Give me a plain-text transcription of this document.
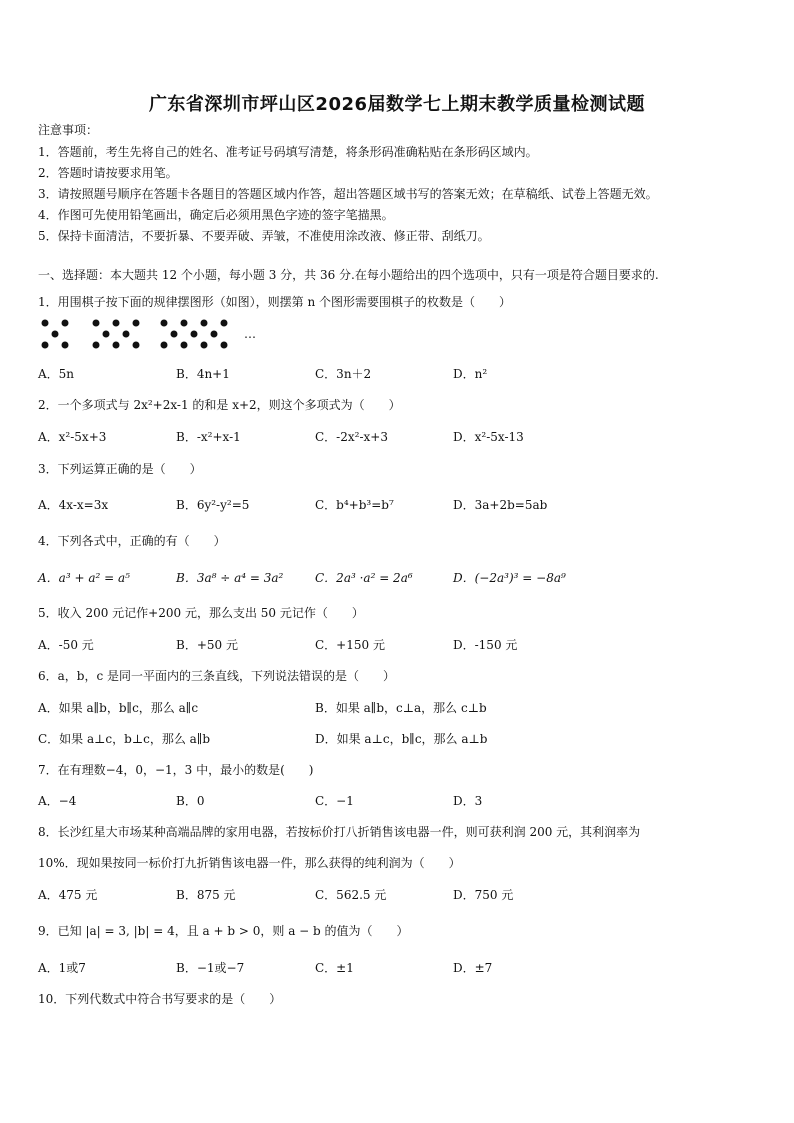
广东省深圳市坪山区2026届数学七上期末教学质量检测试题
注意事项：
1．答题前，考生先将自己的姓名、准考证号码填写清楚，将条形码准确粘贴在条形码区域内。
2．答题时请按要求用笔。
3．请按照题号顺序在答题卡各题目的答题区域内作答，超出答题区域书写的答案无效；在草稿纸、试卷上答题无效。
4．作图可先使用铅笔画出，确定后必须用黑色字迹的签字笔描黑。
5．保持卡面清洁，不要折暴、不要弄破、弄皱，不准使用涂改液、修正带、刮纸刀。
一、选择题：本大题共 12 个小题，每小题 3 分，共 36 分.在每小题给出的四个选项中，只有一项是符合题目要求的.
1．用围棋子按下面的规律摆图形（如图），则摆第 n 个图形需要围棋子的枚数是（　　）
…
A．5n	B．4n+1	C．3n＋2	D．n²
2．一个多项式与 2x²+2x-1 的和是 x+2，则这个多项式为（　　）
A．x²-5x+3	B．-x²+x-1	C．-2x²-x+3	D．x²-5x-13
3．下列运算正确的是（　　）
A．4x-x=3x	B．6y²-y²=5	C．b⁴+b³=b⁷	D．3a+2b=5ab
4．下列各式中，正确的有（　　）
A．a³ + a² = a⁵	B．3a⁸ ÷ a⁴ = 3a²	C．2a³ ·a² = 2a⁶	D．(−2a³)³ = −8a⁹
5．收入 200 元记作+200 元，那么支出 50 元记作（　　）
A．-50 元	B．+50 元	C．+150 元	D．-150 元
6．a，b，c 是同一平面内的三条直线，下列说法错误的是（　　）
A．如果 a∥b，b∥c，那么 a∥c	B．如果 a∥b，c⊥a，那么 c⊥b
C．如果 a⊥c，b⊥c，那么 a∥b	D．如果 a⊥c，b∥c，那么 a⊥b
7．在有理数−4，0，−1，3 中，最小的数是(　　)
A．−4	B．0	C．−1	D．3
8．长沙红星大市场某种高端品牌的家用电器，若按标价打八折销售该电器一件，则可获利润 200 元，其利润率为
10%．现如果按同一标价打九折销售该电器一件，那么获得的纯利润为（　　）
A．475 元	B．875 元	C．562.5 元	D．750 元
9．已知 |a| = 3, |b| = 4，且 a + b > 0，则 a − b 的值为（　　）
A．1或7	B．−1或−7	C．±1	D．±7
10．下列代数式中符合书写要求的是（　　）
